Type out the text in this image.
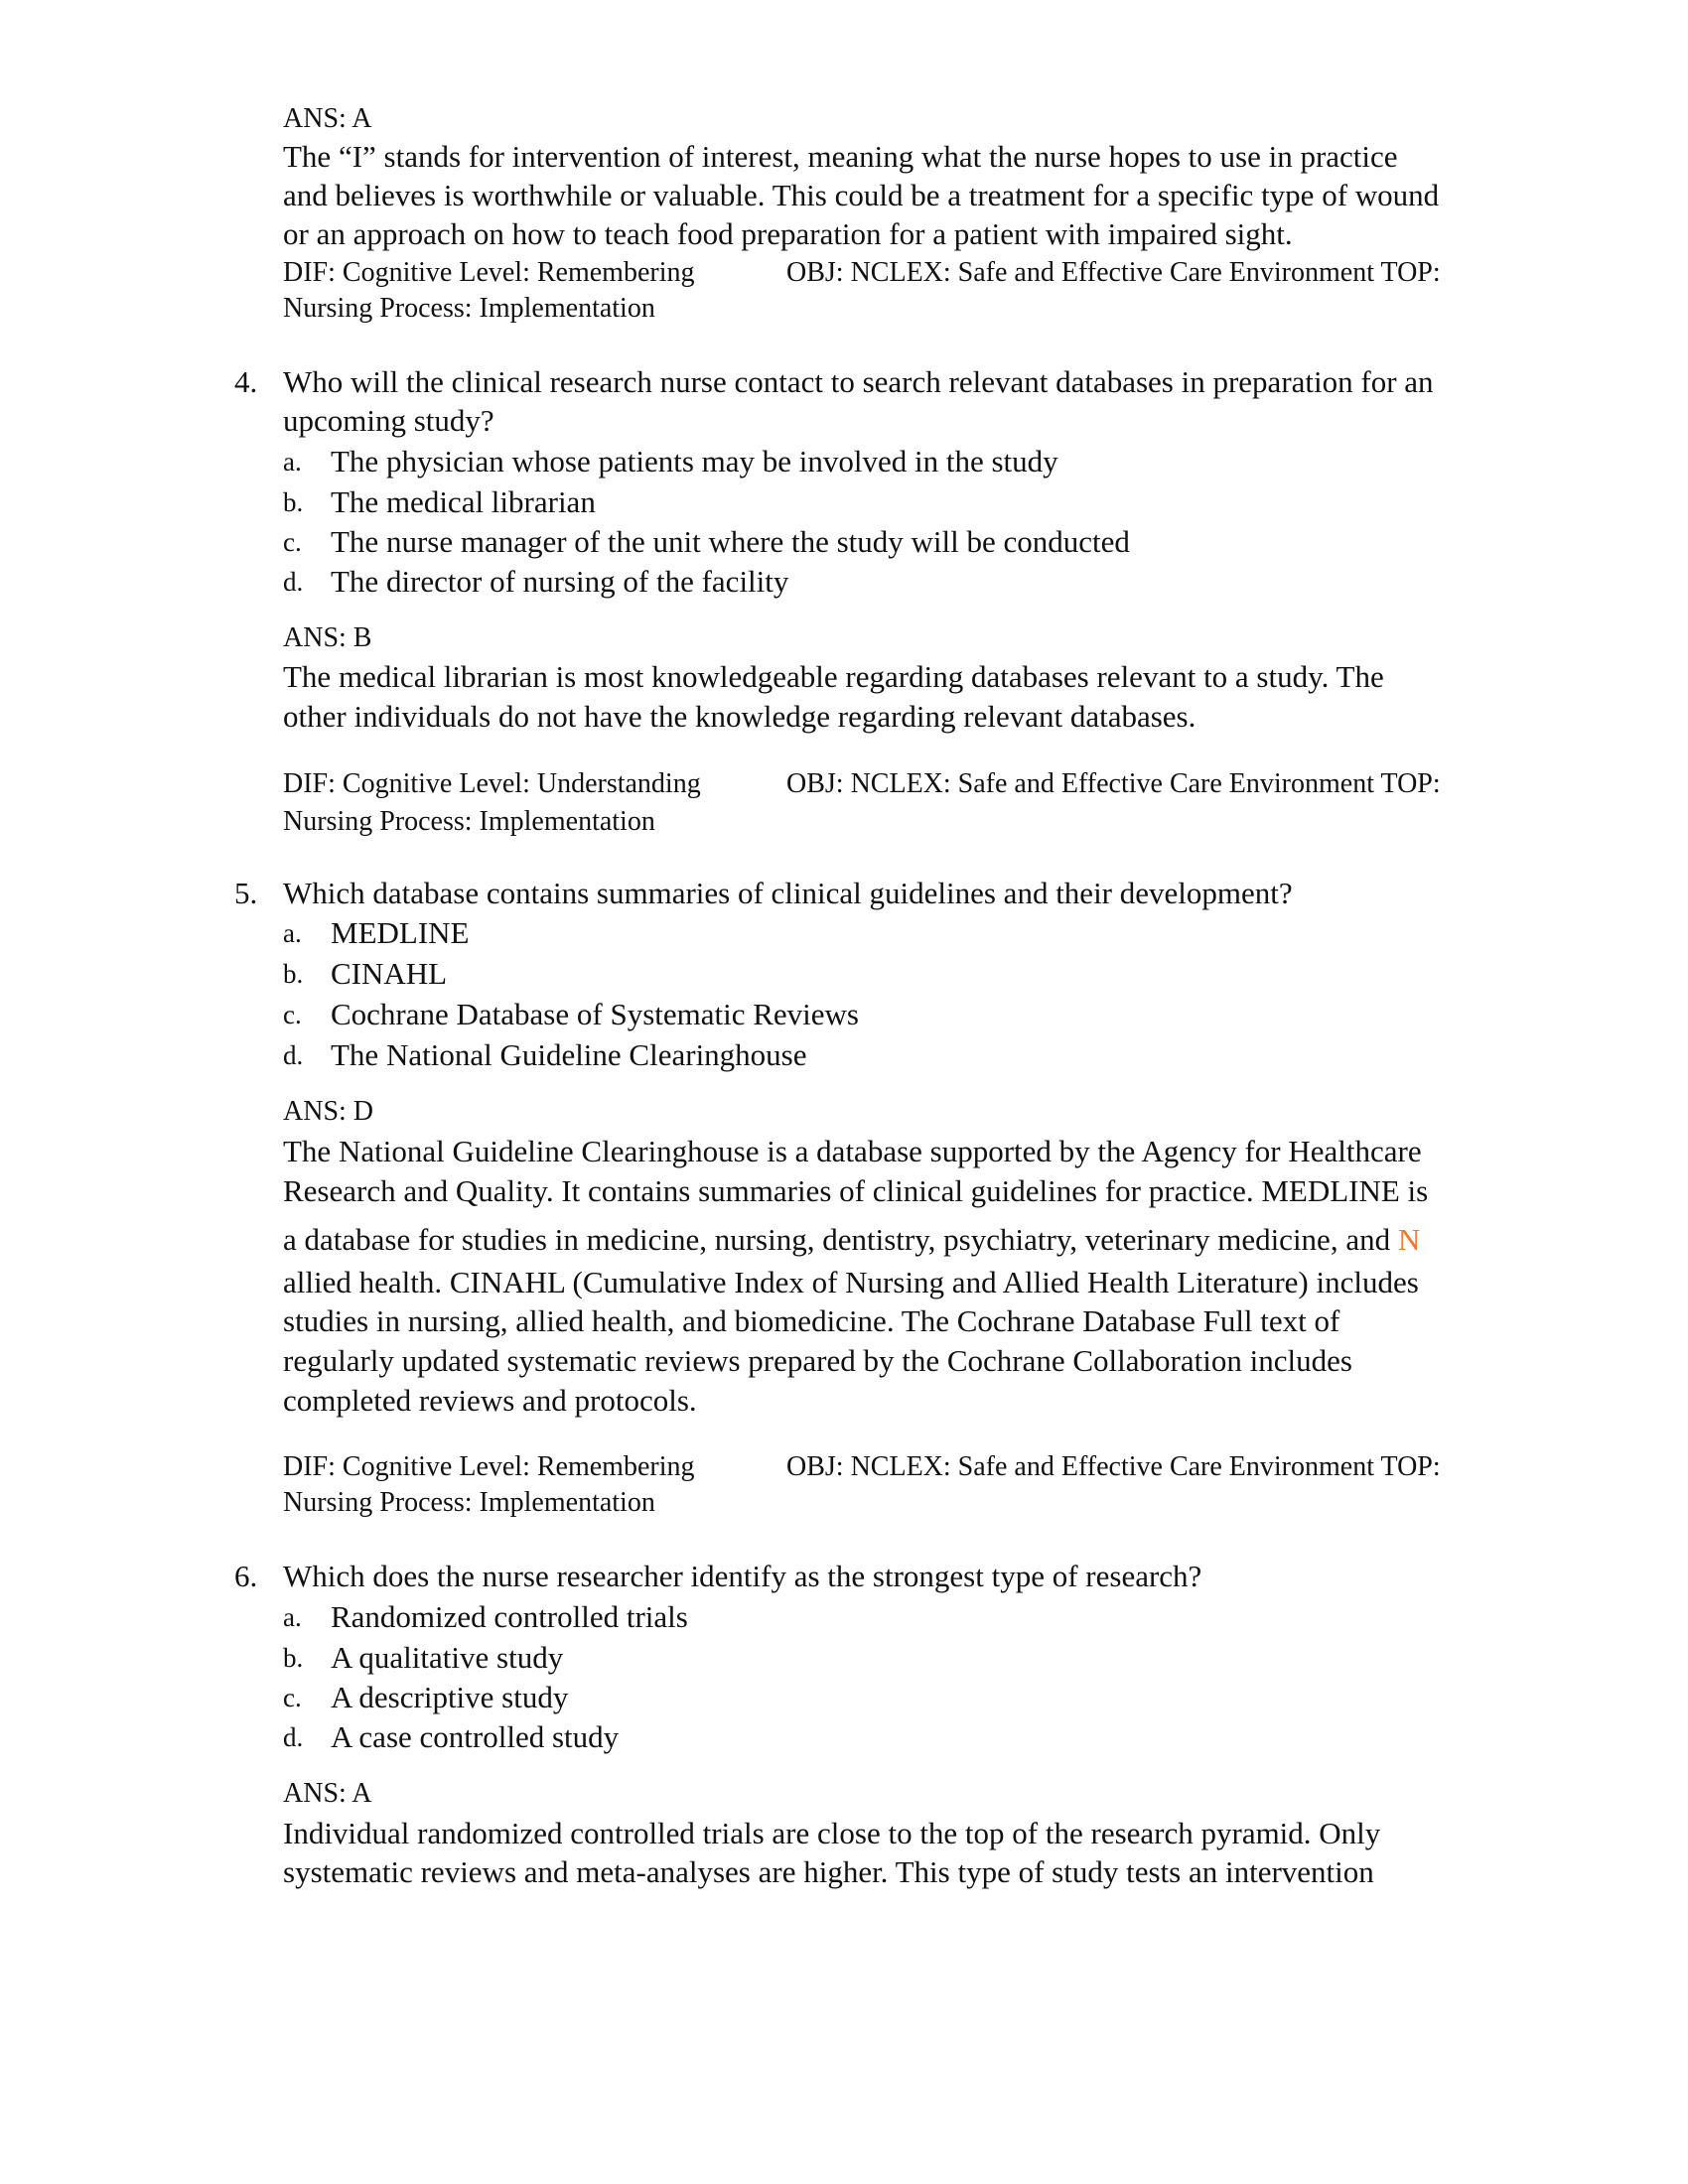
ANS: A
The “I” stands for intervention of interest, meaning what the nurse hopes to use in practice
and believes is worthwhile or valuable. This could be a treatment for a specific type of wound
or an approach on how to teach food preparation for a patient with impaired sight.
DIF: Cognitive Level: Remembering	OBJ: NCLEX: Safe and Effective Care Environment TOP:
Nursing Process: Implementation
4. Who will the clinical research nurse contact to search relevant databases in preparation for an
upcoming study?
a. The physician whose patients may be involved in the study
b. The medical librarian
c. The nurse manager of the unit where the study will be conducted
d. The director of nursing of the facility
ANS: B
The medical librarian is most knowledgeable regarding databases relevant to a study. The
other individuals do not have the knowledge regarding relevant databases.
DIF: Cognitive Level: Understanding	OBJ: NCLEX: Safe and Effective Care Environment TOP:
Nursing Process: Implementation
5. Which database contains summaries of clinical guidelines and their development?
a. MEDLINE
b. CINAHL
c. Cochrane Database of Systematic Reviews
d. The National Guideline Clearinghouse
ANS: D
The National Guideline Clearinghouse is a database supported by the Agency for Healthcare
Research and Quality. It contains summaries of clinical guidelines for practice. MEDLINE is
a database for studies in medicine, nursing, dentistry, psychiatry, veterinary medicine, and N
allied health. CINAHL (Cumulative Index of Nursing and Allied Health Literature) includes
studies in nursing, allied health, and biomedicine. The Cochrane Database Full text of
regularly updated systematic reviews prepared by the Cochrane Collaboration includes
completed reviews and protocols.
DIF: Cognitive Level: Remembering	OBJ: NCLEX: Safe and Effective Care Environment TOP:
Nursing Process: Implementation
6. Which does the nurse researcher identify as the strongest type of research?
a. Randomized controlled trials
b. A qualitative study
c. A descriptive study
d. A case controlled study
ANS: A
Individual randomized controlled trials are close to the top of the research pyramid. Only
systematic reviews and meta-analyses are higher. This type of study tests an intervention
